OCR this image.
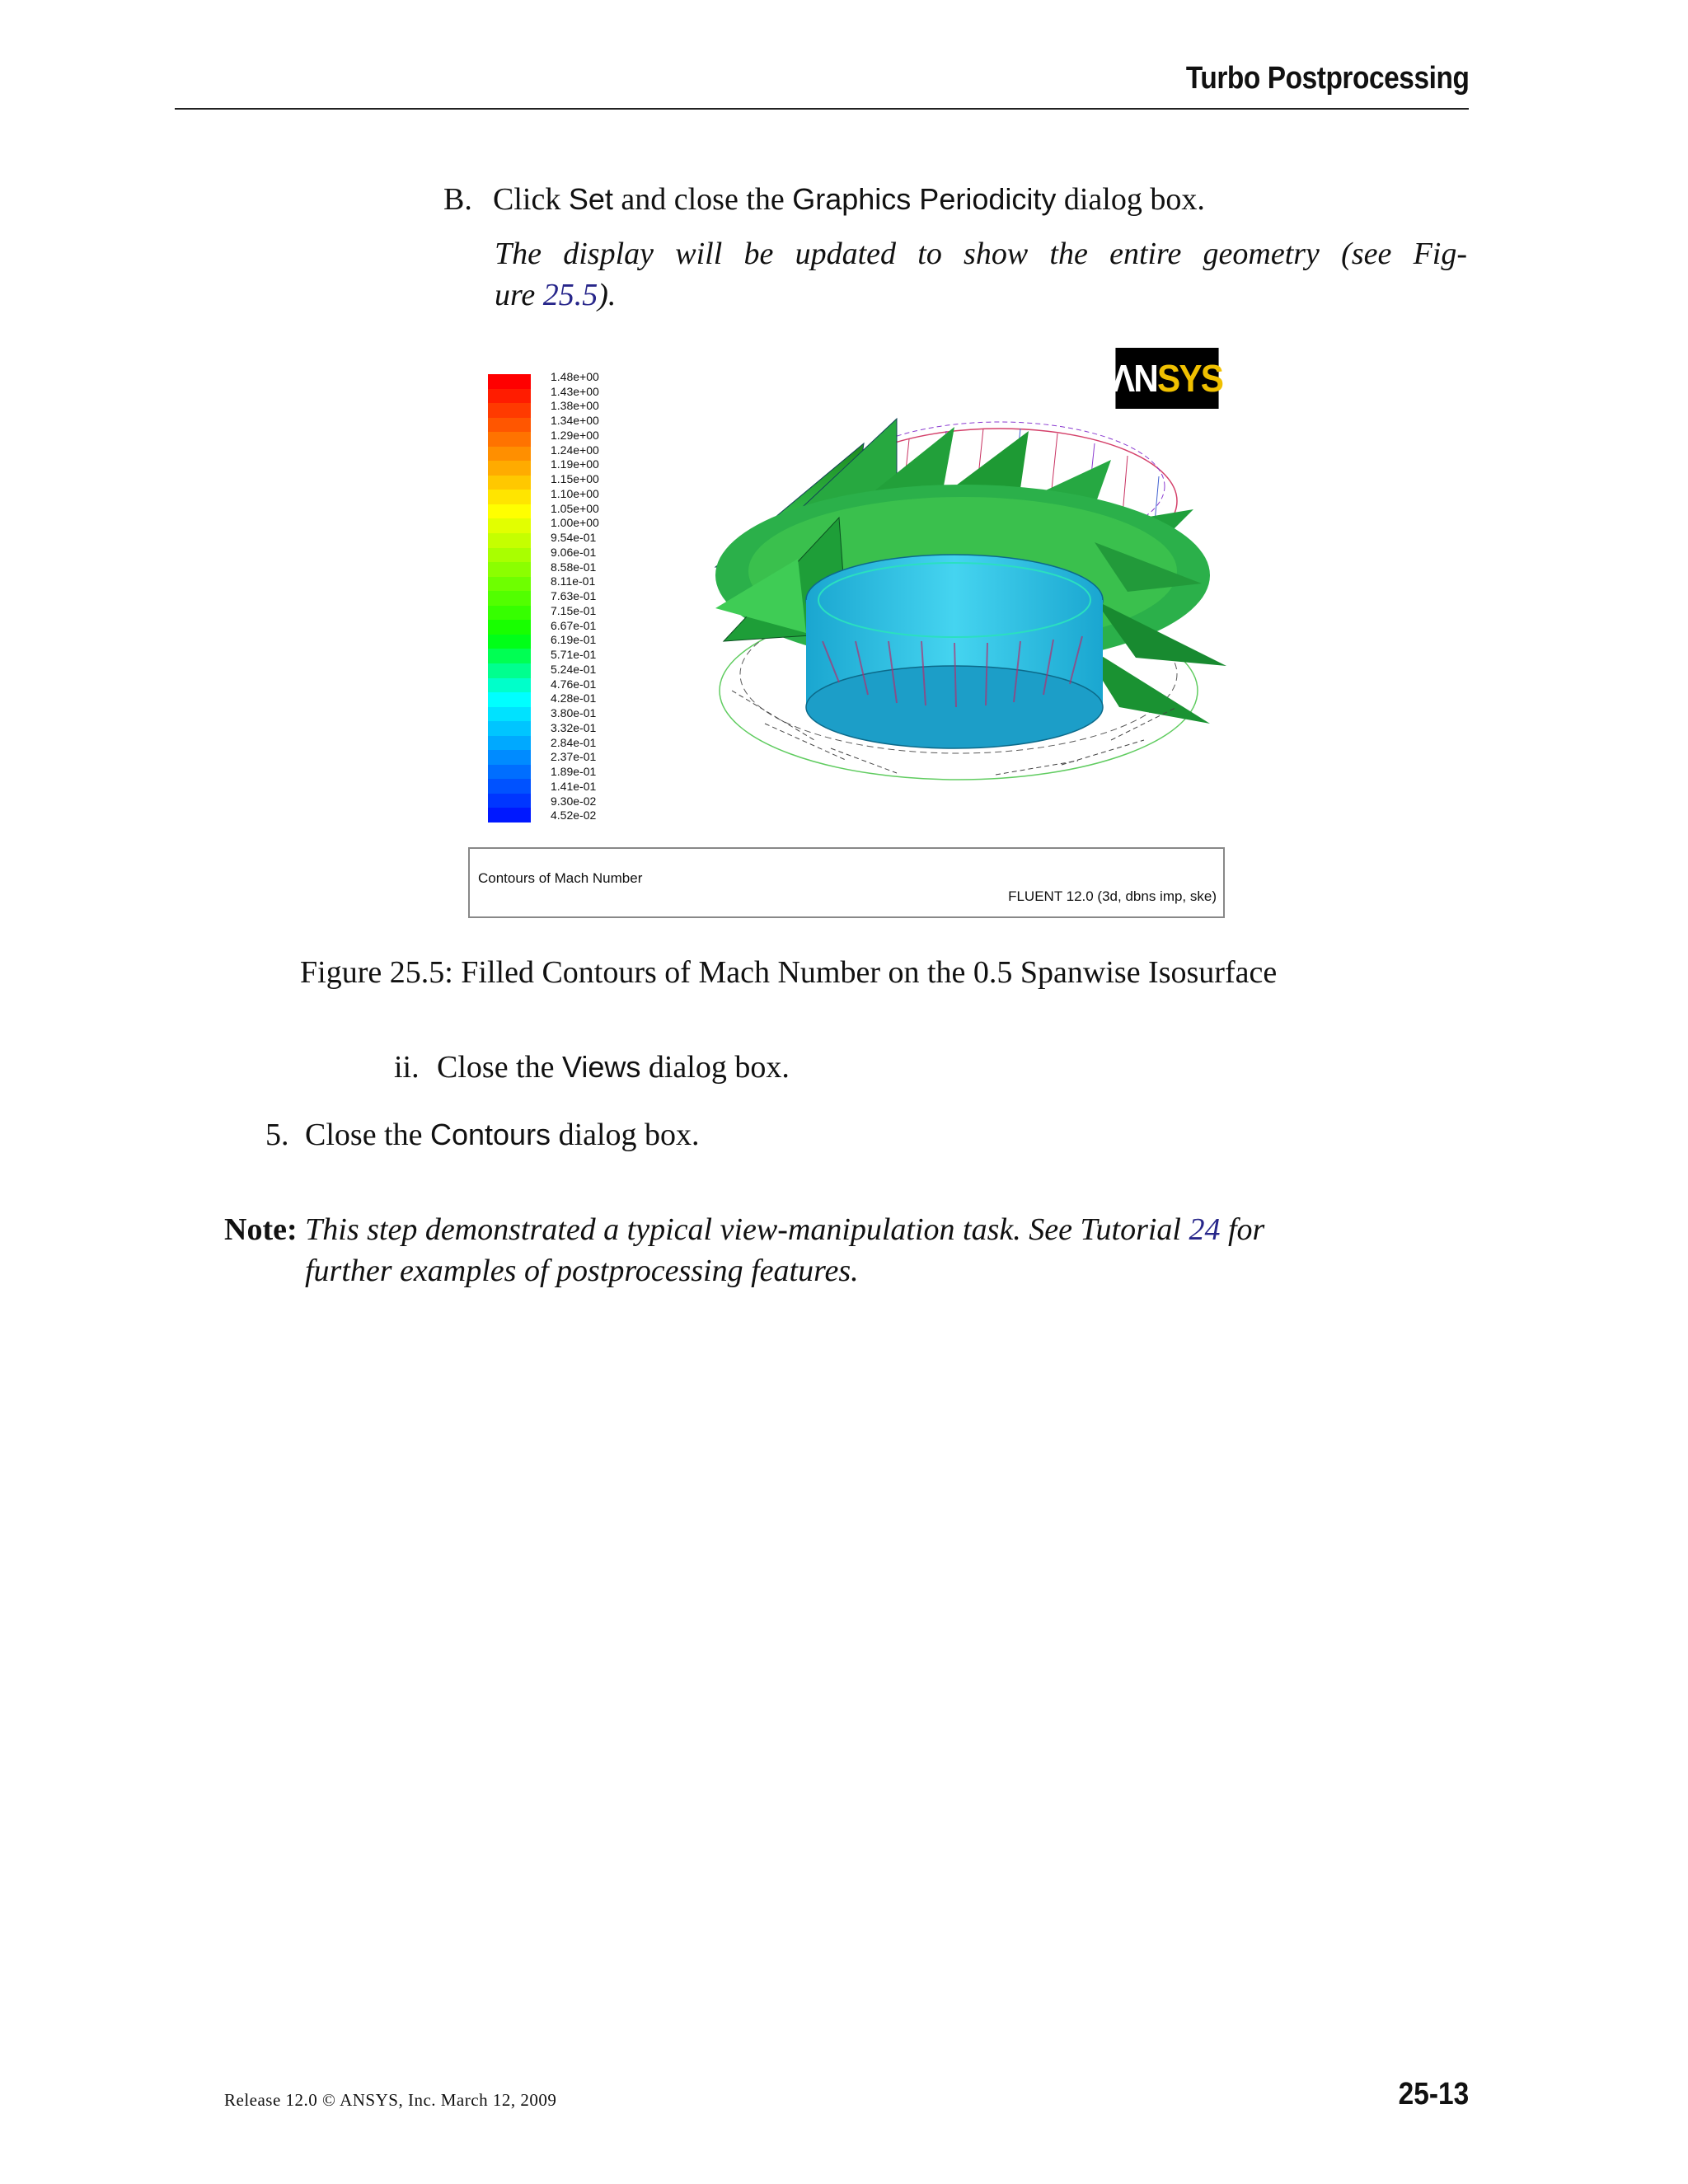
Turbo Postprocessing
B. Click Set and close the Graphics Periodicity dialog box.
The display will be updated to show the entire geometry (see Fig-
ure 25.5).
1.48e+00
1.43e+00
1.38e+00
1.34e+00
1.29e+00
1.24e+00
1.19e+00
1.15e+00
1.10e+00
1.05e+00
1.00e+00
9.54e-01
9.06e-01
8.58e-01
8.11e-01
7.63e-01
7.15e-01
6.67e-01
6.19e-01
5.71e-01
5.24e-01
4.76e-01
4.28e-01
3.80e-01
3.32e-01
2.84e-01
2.37e-01
1.89e-01
1.41e-01
9.30e-02
4.52e-02
ΛN SYS
Contours of Mach Number
FLUENT 12.0 (3d, dbns imp, ske)
Figure 25.5: Filled Contours of Mach Number on the 0.5 Spanwise Isosurface
ii. Close the Views dialog box.
5. Close the Contours dialog box.
Note: This step demonstrated a typical view-manipulation task. See Tutorial 24 for
further examples of postprocessing features.
Release 12.0 © ANSYS, Inc. March 12, 2009	25-13
